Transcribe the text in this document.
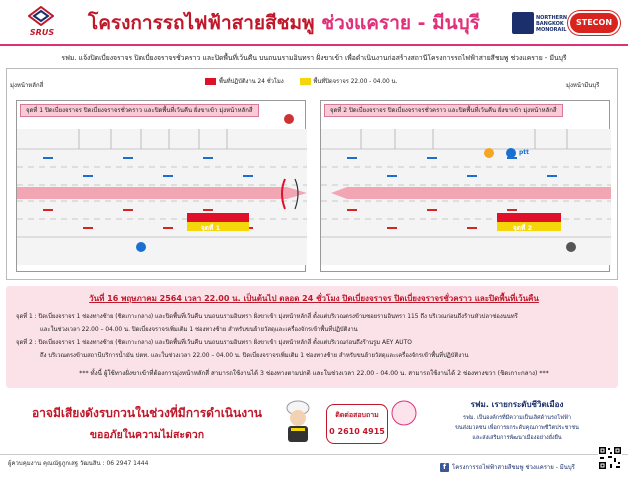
SRUS	โครงการรถไฟฟ้าสายสีชมพู ช่วงแคราย - มีนบุรี	NORTHERN BANGKOK MONORAIL
STECON
รฟม. แจ้งปิดเบี่ยงจราจร ปิดเบี่ยงจราจรชั่วคราว และปิดพื้นที่เว้นคืน บนถนนรามอินทรา ฝั่งขาเข้า เพื่อดำเนินงานก่อสร้างสถานีโครงการรถไฟฟ้าสายสีชมพู ช่วงแคราย - มีนบุรี
มุ่งหน้าหลักสี่	มุ่งหน้ามีนบุรี
พื้นที่ปฏิบัติงาน 24 ชั่วโมง	พื้นที่ปิดจราจร 22.00 - 04.00 น.
จุดที่ 1 ปิดเบี่ยงจราจร ปิดเบี่ยงจราจรชั่วคราว และปิดพื้นที่เว้นคืน ฝั่งขาเข้า มุ่งหน้าหลักสี่
จุดที่ 1
จุดที่ 2 ปิดเบี่ยงจราจร ปิดเบี่ยงจราจรชั่วคราว และปิดพื้นที่เว้นคืน ฝั่งขาเข้า มุ่งหน้าหลักสี่
ptt
จุดที่ 2
วันที่ 16 พฤษภาคม 2564 เวลา 22.00 น. เป็นต้นไป ตลอด 24 ชั่วโมง ปิดเบี่ยงจราจร ปิดเบี่ยงจราจรชั่วคราว และปิดพื้นที่เว้นคืน
จุดที่ 1 : ปิดเบี่ยงจราจร 1 ช่องทางซ้าย (ชิดเกาะกลาง) และปิดพื้นที่เว้นคืน บนถนนรามอินทรา ฝั่งขาเข้า มุ่งหน้าหลักสี่ ตั้งแต่บริเวณตรงข้ามซอยรามอินทรา 115 ถึง บริเวณก่อนถึงร้านหัวปลาช่องนนทรี
และในช่วงเวลา 22.00 – 04.00 น. ปิดเบี่ยงจราจรเพิ่มเติม 1 ช่องทางซ้าย สำหรับขนย้ายวัสดุและเครื่องจักรเข้าพื้นที่ปฏิบัติงาน
จุดที่ 2 : ปิดเบี่ยงจราจร 1 ช่องทางซ้าย (ชิดเกาะกลาง) และปิดพื้นที่เว้นคืน บนถนนรามอินทรา ฝั่งขาเข้า มุ่งหน้าหลักสี่ ตั้งแต่บริเวณก่อนถึงร้านรูม AEY AUTO
ถึง บริเวณตรงข้ามสถานีบริการน้ำมัน ปตท. และในช่วงเวลา 22.00 – 04.00 น. ปิดเบี่ยงจราจรเพิ่มเติม 1 ช่องทางซ้าย สำหรับขนย้ายวัสดุและเครื่องจักรเข้าพื้นที่ปฏิบัติงาน
*** ทั้งนี้ ผู้ใช้ทางฝั่งขาเข้าที่ต้องการมุ่งหน้าหลักสี่ สามารถใช้งานได้ 3 ช่องทางตามปกติ และในช่วงเวลา 22.00 - 04.00 น. สามารถใช้งานได้ 2 ช่องทางขวา (ชิดเกาะกลาง) ***
อาจมีเสียงดังรบกวนในช่วงที่มีการดำเนินงาน
ขออภัยในความไม่สะดวก
ติดต่อสอบถาม
0 2610 4915
รฟม. เรายกระดับชีวิตเมือง
รฟม. เป็นองค์กรที่มีความเป็นเลิศด้านรถไฟฟ้า
ขนส่งมวลชน เพื่อการยกระดับคุณภาพชีวิตประชาชน
และส่งเสริมการพัฒนาเมืองอย่างยั่งยืน
ผู้ควบคุมงาน คุณณัฐภูกเสฐ วัฒนสิน : 06 2947 1444	f โครงการรถไฟฟ้าสายสีชมพู ช่วงแคราย - มีนบุรี
